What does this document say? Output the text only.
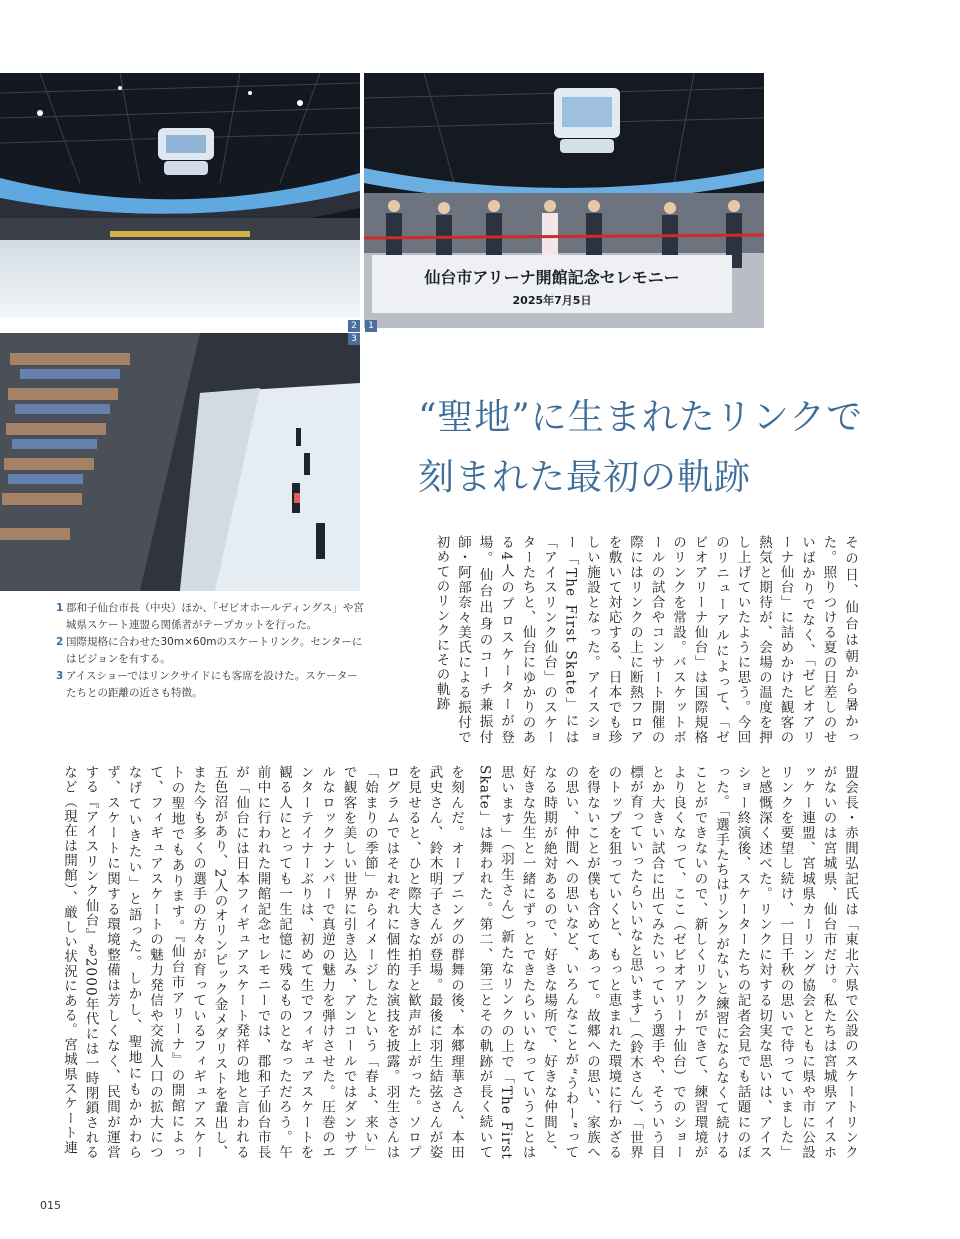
2
仙台市アリーナ開館記念セレモニー
2025年7月5日
1
3
“聖地”に生まれたリンクで
刻まれた最初の軌跡
1 郡和子仙台市長（中央）ほか、「ゼビオホールディングス」や宮城県スケート連盟ら関係者がテープカットを行った。
2 国際規格に合わせた30m×60mのスケートリンク。センターにはビジョンを有する。
3 アイスショーではリンクサイドにも客席を設けた。スケーターたちとの距離の近さも特徴。	その日、仙台は朝から暑かった。照りつける夏の日差しのせいばかりでなく、「ゼビオアリーナ仙台」に詰めかけた観客の熱気と期待が、会場の温度を押し上げていたように思う。今回のリニューアルによって、「ゼビオアリーナ仙台」は国際規格のリンクを常設。バスケットボールの試合やコンサート開催の際にはリンクの上に断熱フロアを敷いて対応する、日本でも珍しい施設となった。アイスショー「The First Skate」には「アイスリンク仙台」のスケーターたちと、仙台にゆかりのある4人のプロスケーターが登場。仙台出身のコーチ兼振付師・阿部奈々美氏による振付で初めてのリンクにその軌跡
を刻んだ。オープニングの群舞の後、本郷理華さん、本田武史さん、鈴木明子さんが登場。最後に羽生結弦さんが姿を見せると、ひと際大きな拍手と歓声が上がった。ソロプログラムではそれぞれに個性的な演技を披露。羽生さんは「始まりの季節」からイメージしたという「春よ、来い」で観客を美しい世界に引き込み、アンコールではダンサブルなロックナンバーで真逆の魅力を弾けさせた。圧巻のエンターテイナーぶりは、初めて生でフィギュアスケートを観る人にとっても一生記憶に残るものとなっただろう。午前中に行われた開館記念セレモニーでは、郡和子仙台市長が「仙台には日本フィギュアスケート発祥の地と言われる五色沼があり、2人のオリンピック金メダリストを輩出し、また今も多くの選手の方々が育っているフィギュアスケートの聖地でもあります。『仙台市アリーナ』の開館によって、フィギュアスケートの魅力発信や交流人口の拡大につなげていきたい」と語った。しかし、聖地にもかかわらず、スケートに関する環境整備は芳しくなく、民間が運営する『アイスリンク仙台』も2000年代には一時閉鎖されるなど（現在は開館）、厳しい状況にある。宮城県スケート連	盟会長・赤間弘記氏は「東北六県で公設のスケートリンクがないのは宮城県、仙台市だけ。私たちは宮城県アイスホッケー連盟、宮城県カーリング協会とともに県や市に公設リンクを要望し続け、一日千秋の思いで待っていました」と感慨深く述べた。リンクに対する切実な思いは、アイスショー終演後、スケーターたちの記者会見でも話題にのぼった。「選手たちはリンクがないと練習にならなくて続けることができないので、新しくリンクができて、練習環境がより良くなって、ここ（ゼビオアリーナ仙台）でのショーとか大きい試合に出てみたいっていう選手や、そういう目標が育っていったらいいなと思います」（鈴木さん）、「世界のトップを狙っていくと、もっと恵まれた環境に行かざるを得ないことが僕も含めてあって。故郷への思い、家族への思い、仲間への思いなど、いろんなことが“うわー”ってなる時期が絶対あるので、好きな場所で、好きな仲間と、好きな先生と一緒にずっとできたらいいなっていうことは思います」（羽生さん）新たなリンクの上で「The First Skate」は舞われた。第二、第三とその軌跡が長く続いて
015
